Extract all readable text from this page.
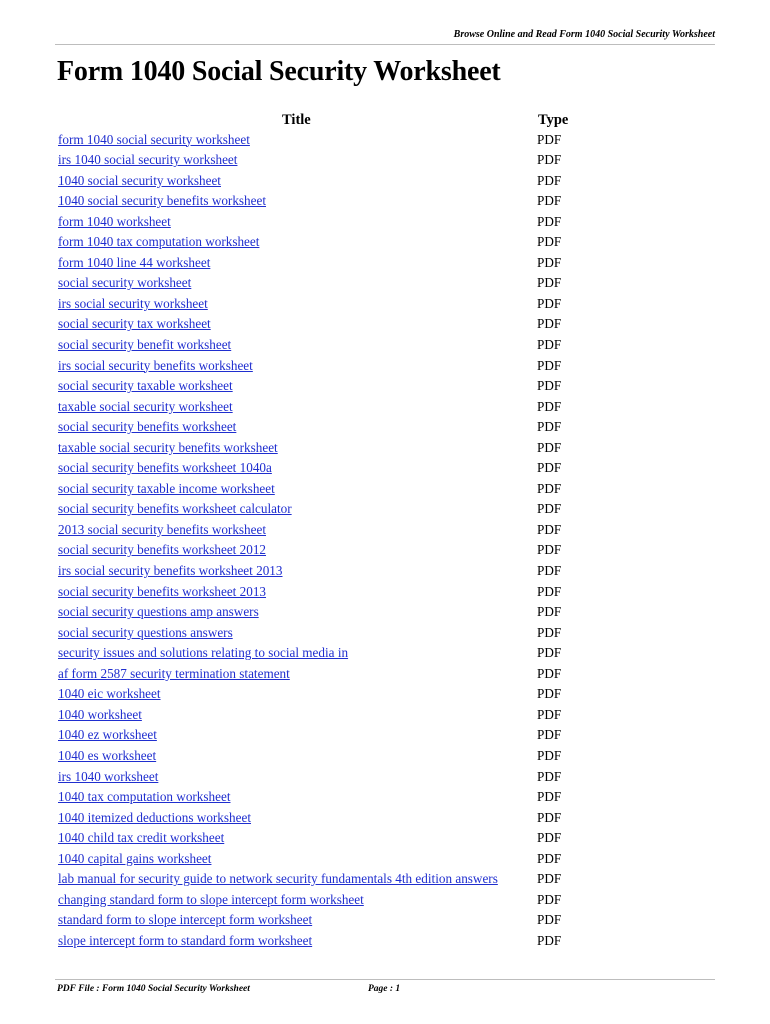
Browse Online and Read Form 1040 Social Security Worksheet
Form 1040 Social Security Worksheet
Title	Type
form 1040 social security worksheet	PDF
irs 1040 social security worksheet	PDF
1040 social security worksheet	PDF
1040 social security benefits worksheet	PDF
form 1040 worksheet	PDF
form 1040 tax computation worksheet	PDF
form 1040 line 44 worksheet	PDF
social security worksheet	PDF
irs social security worksheet	PDF
social security tax worksheet	PDF
social security benefit worksheet	PDF
irs social security benefits worksheet	PDF
social security taxable worksheet	PDF
taxable social security worksheet	PDF
social security benefits worksheet	PDF
taxable social security benefits worksheet	PDF
social security benefits worksheet 1040a	PDF
social security taxable income worksheet	PDF
social security benefits worksheet calculator	PDF
2013 social security benefits worksheet	PDF
social security benefits worksheet 2012	PDF
irs social security benefits worksheet 2013	PDF
social security benefits worksheet 2013	PDF
social security questions amp answers	PDF
social security questions answers	PDF
security issues and solutions relating to social media in	PDF
af form 2587 security termination statement	PDF
1040 eic worksheet	PDF
1040 worksheet	PDF
1040 ez worksheet	PDF
1040 es worksheet	PDF
irs 1040 worksheet	PDF
1040 tax computation worksheet	PDF
1040 itemized deductions worksheet	PDF
1040 child tax credit worksheet	PDF
1040 capital gains worksheet	PDF
lab manual for security guide to network security fundamentals 4th edition answers	PDF
changing standard form to slope intercept form worksheet	PDF
standard form to slope intercept form worksheet	PDF
slope intercept form to standard form worksheet	PDF
PDF File : Form 1040 Social Security Worksheet	Page : 1
